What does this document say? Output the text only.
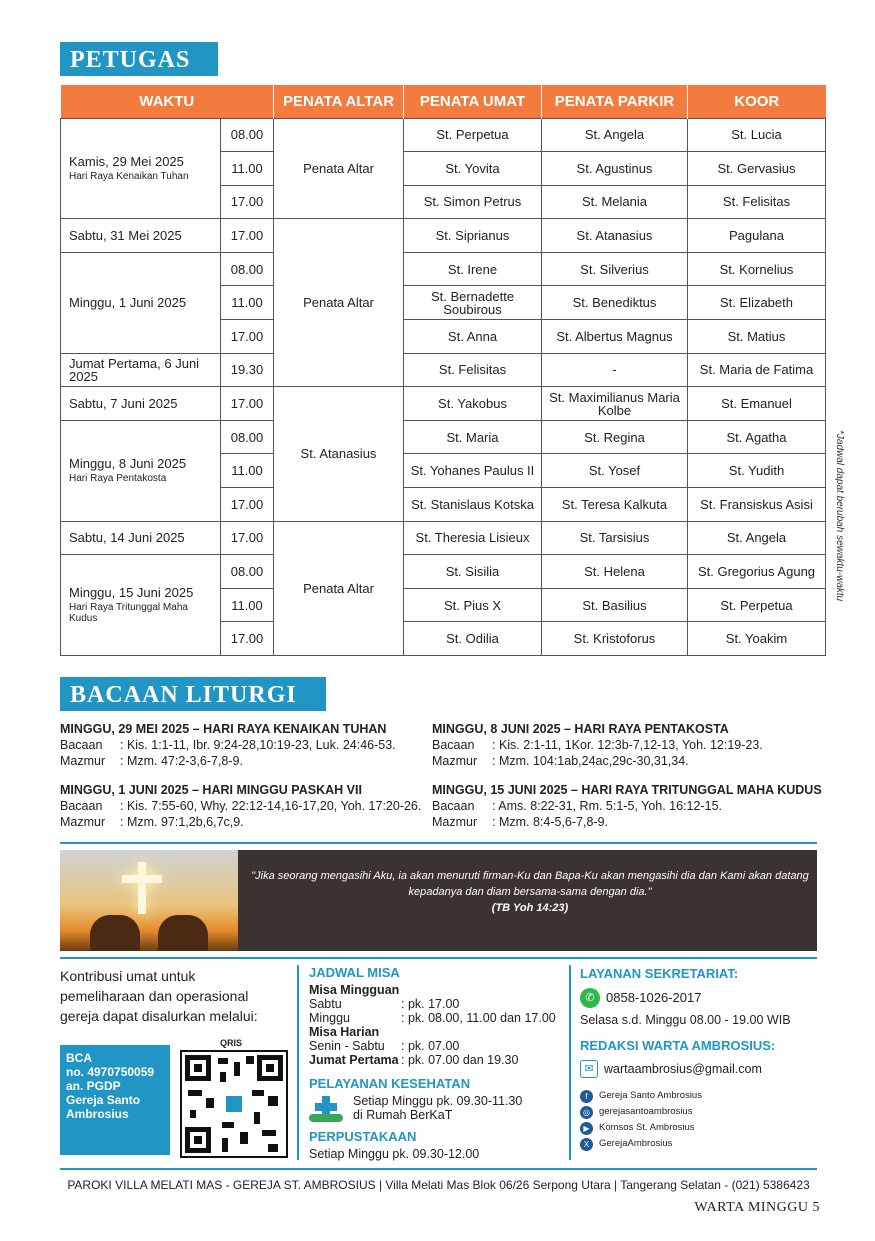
PETUGAS
WAKTU		PENATA ALTAR	PENATA UMAT	PENATA PARKIR	KOOR
Kamis, 29 Mei 2025
Hari Raya Kenaikan Tuhan	08.00	Penata Altar	St. Perpetua	St. Angela	St. Lucia
	11.00		St. Yovita	St. Agustinus	St. Gervasius
	17.00		St. Simon Petrus	St. Melania	St. Felisitas
Sabtu, 31 Mei 2025	17.00	Penata Altar	St. Siprianus	St. Atanasius	Pagulana
Minggu, 1 Juni 2025	08.00		St. Irene	St. Silverius	St. Kornelius
	11.00		St. Bernadette Soubirous	St. Benediktus	St. Elizabeth
	17.00		St. Anna	St. Albertus Magnus	St. Matius
Jumat Pertama, 6 Juni 2025	19.30		St. Felisitas	-	St. Maria de Fatima
Sabtu, 7 Juni 2025	17.00	St. Atanasius	St. Yakobus	St. Maximilianus Maria Kolbe	St. Emanuel
Minggu, 8 Juni 2025
Hari Raya Pentakosta	08.00		St. Maria	St. Regina	St. Agatha
	11.00		St. Yohanes Paulus II	St. Yosef	St. Yudith
	17.00		St. Stanislaus Kotska	St. Teresa Kalkuta	St. Fransiskus Asisi
Sabtu, 14 Juni 2025	17.00	Penata Altar	St. Theresia Lisieux	St. Tarsisius	St. Angela
Minggu, 15 Juni 2025
Hari Raya Tritunggal Maha Kudus	08.00		St. Sisilia	St. Helena	St. Gregorius Agung
	11.00		St. Pius X	St. Basilius	St. Perpetua
	17.00		St. Odilia	St. Kristoforus	St. Yoakim
*Jadwal dapat berubah sewaktu-waktu
BACAAN LITURGI
MINGGU, 29 MEI 2025 – HARI RAYA KENAIKAN TUHAN
Bacaan	: Kis. 1:1-11, Ibr. 9:24-28,10:19-23, Luk. 24:46-53.
Mazmur	: Mzm. 47:2-3,6-7,8-9.
MINGGU, 8 JUNI 2025 – HARI RAYA PENTAKOSTA
Bacaan	: Kis. 2:1-11, 1Kor. 12:3b-7,12-13, Yoh. 12:19-23.
Mazmur	: Mzm. 104:1ab,24ac,29c-30,31,34.
MINGGU, 1 JUNI 2025 – HARI MINGGU PASKAH VII
Bacaan	: Kis. 7:55-60, Why. 22:12-14,16-17,20, Yoh. 17:20-26.
Mazmur	: Mzm. 97:1,2b,6,7c,9.
MINGGU, 15 JUNI 2025 – HARI RAYA TRITUNGGAL MAHA KUDUS
Bacaan	: Ams. 8:22-31, Rm. 5:1-5, Yoh. 16:12-15.
Mazmur	: Mzm. 8:4-5,6-7,8-9.
"Jika seorang mengasihi Aku, ia akan menuruti firman-Ku dan Bapa-Ku akan mengasihi dia dan Kami akan datang kepadanya dan diam bersama-sama dengan dia."
(TB Yoh 14:23)
Kontribusi umat untuk pemeliharaan dan operasional gereja dapat disalurkan melalui:
BCA
no. 4970750059
an. PGDP
Gereja Santo
Ambrosius
QRIS
JADWAL MISA
Misa Mingguan
Sabtu	: pk. 17.00
Minggu	: pk. 08.00, 11.00 dan 17.00
Misa Harian
Senin - Sabtu	: pk. 07.00
Jumat Pertama : pk. 07.00 dan 19.30
PELAYANAN KESEHATAN
Setiap Minggu pk. 09.30-11.30
di Rumah BerKaT
PERPUSTAKAAN
Setiap Minggu pk. 09.30-12.00
LAYANAN SEKRETARIAT:
✆ 0858-1026-2017
Selasa s.d. Minggu 08.00 - 19.00 WIB
REDAKSI WARTA AMBROSIUS:
✉ wartaambrosius@gmail.com
f	Gereja Santo Ambrosius
◎ gerejasantoambrosius
▶ Komsos St. Ambrosius
X	GerejaAmbrosius
PAROKI VILLA MELATI MAS - GEREJA ST. AMBROSIUS | Villa Melati Mas Blok 06/26 Serpong Utara | Tangerang Selatan - (021) 5386423
WARTA MINGGU 5
